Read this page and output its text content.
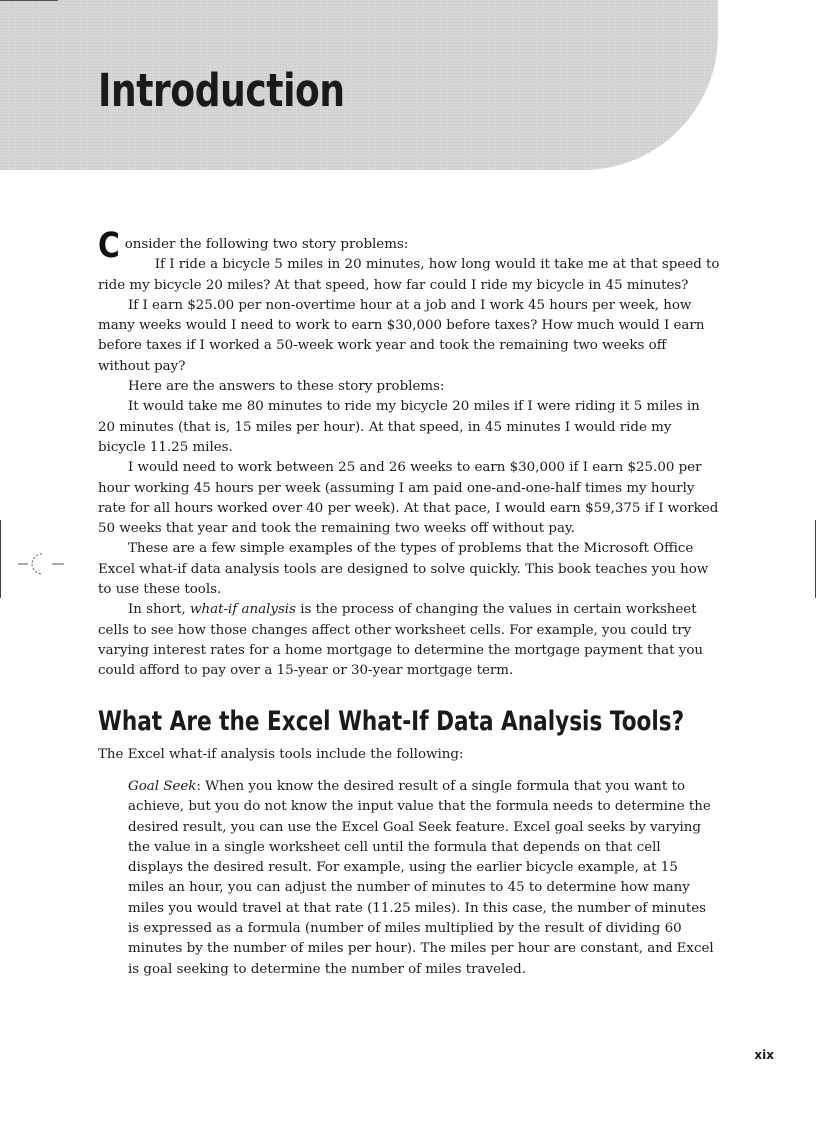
Introduction

Consider the following two story problems:

If I ride a bicycle 5 miles in 20 minutes, how long would it take me at that speed to ride my bicycle 20 miles? At that speed, how far could I ride my bicycle in 45 minutes?

If I earn $25.00 per non-overtime hour at a job and I work 45 hours per week, how many weeks would I need to work to earn $30,000 before taxes? How much would I earn before taxes if I worked a 50-week work year and took the remaining two weeks off without pay?

Here are the answers to these story problems:

It would take me 80 minutes to ride my bicycle 20 miles if I were riding it 5 miles in 20 minutes (that is, 15 miles per hour). At that speed, in 45 minutes I would ride my bicycle 11.25 miles.

I would need to work between 25 and 26 weeks to earn $30,000 if I earn $25.00 per hour working 45 hours per week (assuming I am paid one-and-one-half times my hourly rate for all hours worked over 40 per week). At that pace, I would earn $59,375 if I worked 50 weeks that year and took the remaining two weeks off without pay.

These are a few simple examples of the types of problems that the Microsoft Office Excel what-if data analysis tools are designed to solve quickly. This book teaches you how to use these tools.

In short, what-if analysis is the process of changing the values in certain worksheet cells to see how those changes affect other worksheet cells. For example, you could try varying interest rates for a home mortgage to determine the mortgage payment that you could afford to pay over a 15-year or 30-year mortgage term.

What Are the Excel What-If Data Analysis Tools?

The Excel what-if analysis tools include the following:

Goal Seek: When you know the desired result of a single formula that you want to achieve, but you do not know the input value that the formula needs to determine the desired result, you can use the Excel Goal Seek feature. Excel goal seeks by varying the value in a single worksheet cell until the formula that depends on that cell displays the desired result. For example, using the earlier bicycle example, at 15 miles an hour, you can adjust the number of minutes to 45 to determine how many miles you would travel at that rate (11.25 miles). In this case, the number of minutes is expressed as a formula (number of miles multiplied by the result of dividing 60 minutes by the number of miles per hour). The miles per hour are constant, and Excel is goal seeking to determine the number of miles traveled.

xix
